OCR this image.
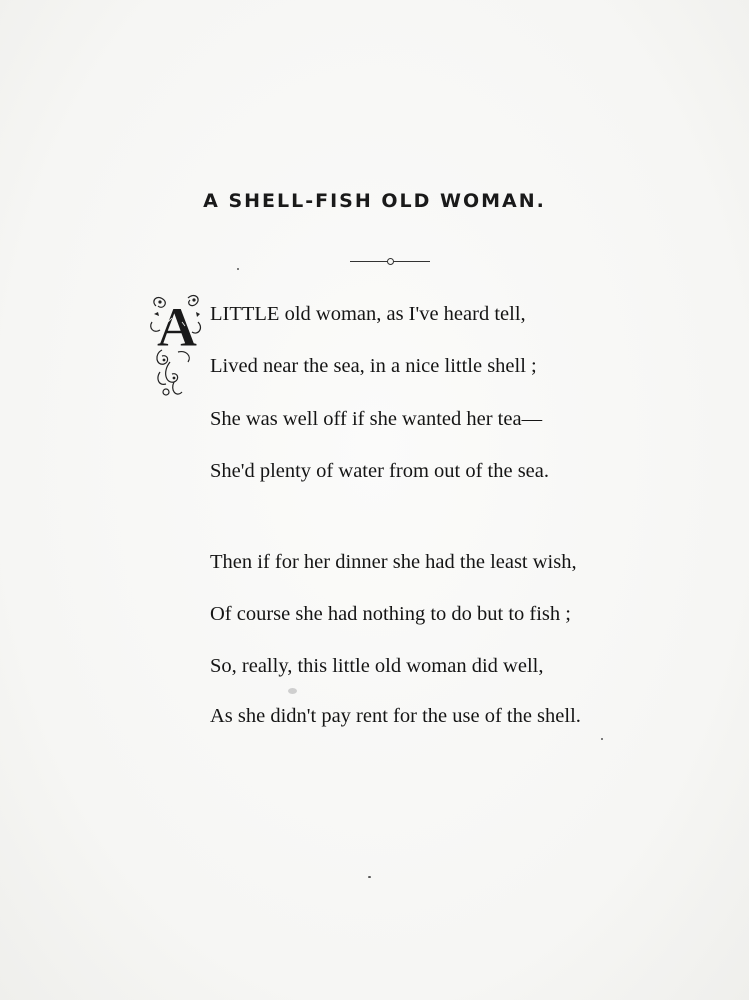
A SHELL-FISH OLD WOMAN.
A LITTLE old woman, as I've heard tell,
Lived near the sea, in a nice little shell ;
She was well off if she wanted her tea—
She'd plenty of water from out of the sea.
Then if for her dinner she had the least wish,
Of course she had nothing to do but to fish ;
So, really, this little old woman did well,
As she didn't pay rent for the use of the shell.
